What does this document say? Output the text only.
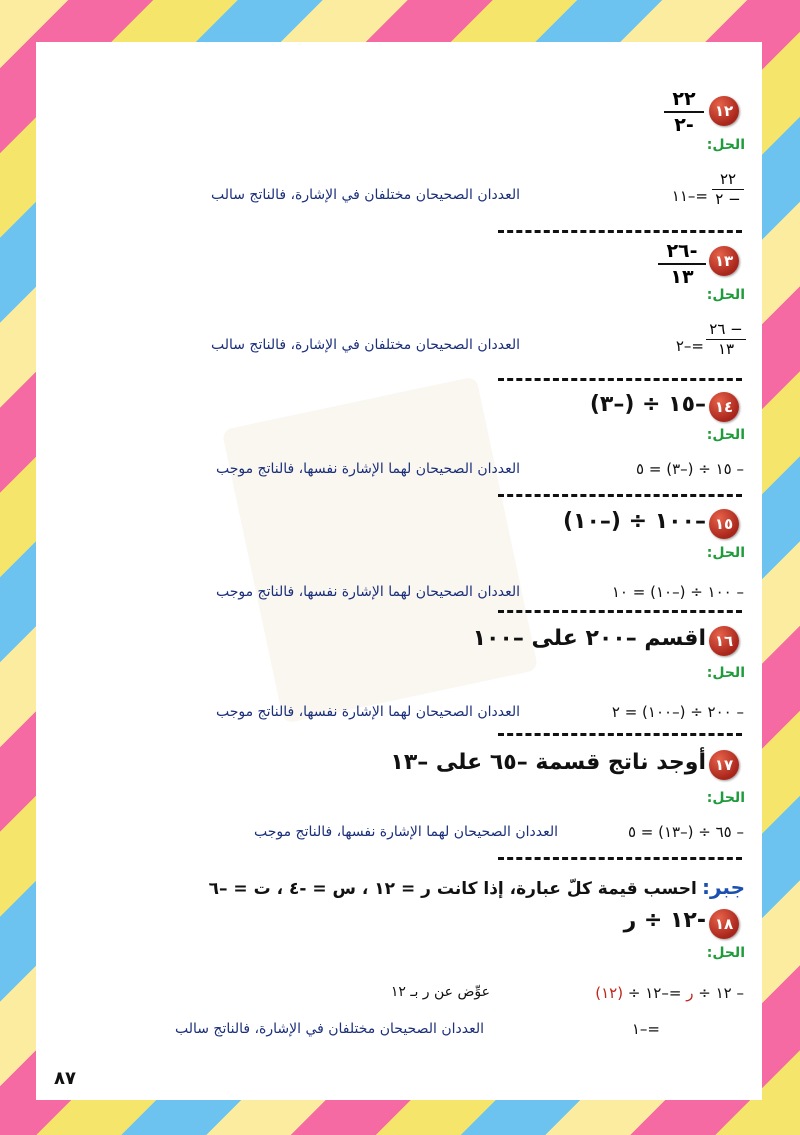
١٢
٢٢
٢-
الحل:
٢٢
٢ −
=–١١
العددان الصحيحان مختلفان في الإشارة، فالناتج سالب
١٣
٢٦-
١٣
الحل:
٢٦ −
١٣
=–٢
العددان الصحيحان مختلفان في الإشارة، فالناتج سالب
١٤
–١٥ ÷ (–٣)
الحل:
– ١٥ ÷ (–٣) = ٥
العددان الصحيحان لهما الإشارة نفسها، فالناتج موجب
١٥
–١٠٠ ÷ (–١٠)
الحل:
– ١٠٠ ÷ (–١٠) = ١٠
العددان الصحيحان لهما الإشارة نفسها، فالناتج موجب
١٦
اقسم –٢٠٠ على –١٠٠
الحل:
– ٢٠٠ ÷ (–١٠٠) = ٢
العددان الصحيحان لهما الإشارة نفسها، فالناتج موجب
١٧
أوجد ناتج قسمة –٦٥ على –١٣
الحل:
– ٦٥ ÷ (–١٣) = ٥
العددان الصحيحان لهما الإشارة نفسها، فالناتج موجب
جبر: احسب قيمة كلّ عبارة، إذا كانت ر = ١٢ ، س = -٤ ، ت = –٦
١٨
-١٢ ÷ ر
الحل:
– ١٢ ÷ ر =–١٢ ÷ (١٢)
عوِّض عن ر بـ ١٢
=–١
العددان الصحيحان مختلفان في الإشارة، فالناتج سالب
٨٧
